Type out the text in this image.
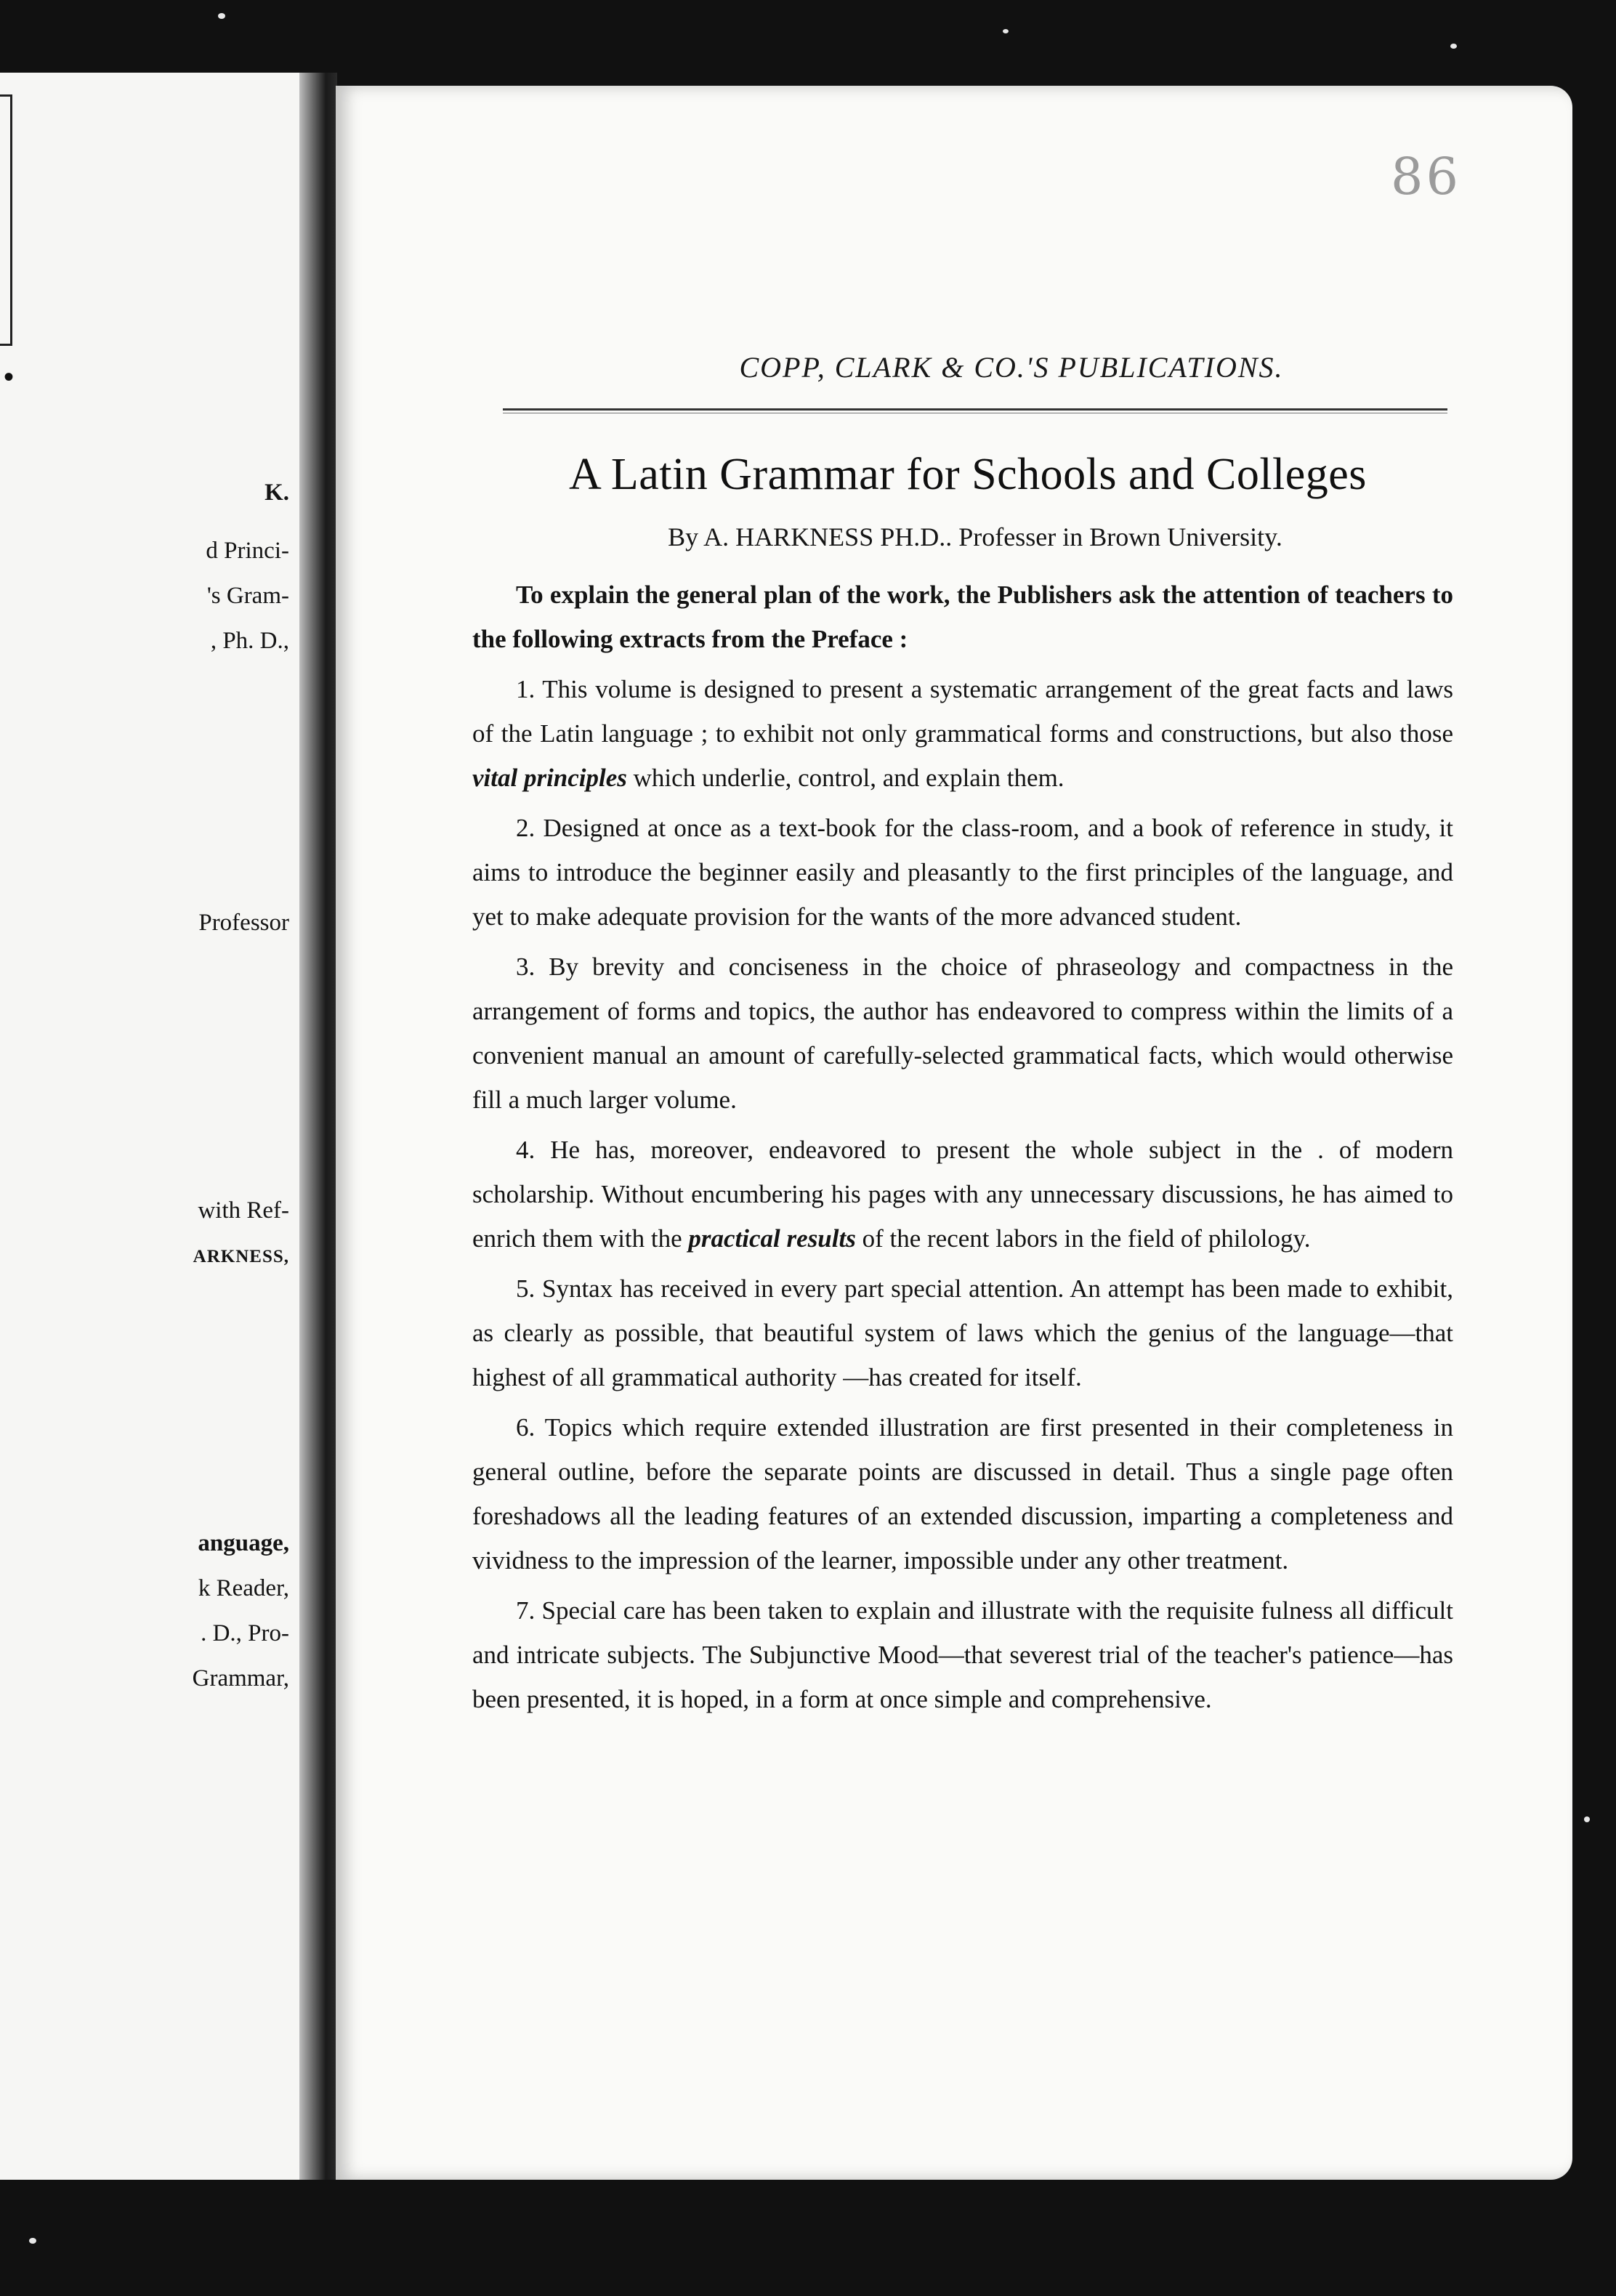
•
K.
d Princi-
's Gram-
, Ph. D.,
Professor
with Ref-
ARKNESS,
anguage,
k Reader,
. D., Pro-
Grammar,
86
COPP, CLARK & CO.'S PUBLICATIONS.
A Latin Grammar for Schools and Colleges
By A. HARKNESS PH.D.. Professer in Brown University.

To explain the general plan of the work, the Publishers ask the attention of teachers to the following extracts from the Preface :

1. This volume is designed to present a systematic arrangement of the great facts and laws of the Latin language ; to exhibit not only grammatical forms and constructions, but also those vital principles which underlie, control, and explain them.

2. Designed at once as a text-book for the class-room, and a book of reference in study, it aims to introduce the beginner easily and pleasantly to the first principles of the language, and yet to make adequate provision for the wants of the more advanced student.

3. By brevity and conciseness in the choice of phraseology and compactness in the arrangement of forms and topics, the author has endeavored to compress within the limits of a convenient manual an amount of carefully-selected grammatical facts, which would otherwise fill a much larger volume.

4. He has, moreover, endeavored to present the whole subject in the . of modern scholarship. Without encumbering his pages with any unnecessary discussions, he has aimed to enrich them with the practical results of the recent labors in the field of philology.

5. Syntax has received in every part special attention. An attempt has been made to exhibit, as clearly as possible, that beautiful system of laws which the genius of the language—that highest of all grammatical authority —has created for itself.

6. Topics which require extended illustration are first presented in their completeness in general outline, before the separate points are discussed in detail. Thus a single page often foreshadows all the leading features of an extended discussion, imparting a completeness and vividness to the impression of the learner, impossible under any other treatment.

7. Special care has been taken to explain and illustrate with the requisite fulness all difficult and intricate subjects. The Subjunctive Mood—that severest trial of the teacher's patience—has been presented, it is hoped, in a form at once simple and comprehensive.
